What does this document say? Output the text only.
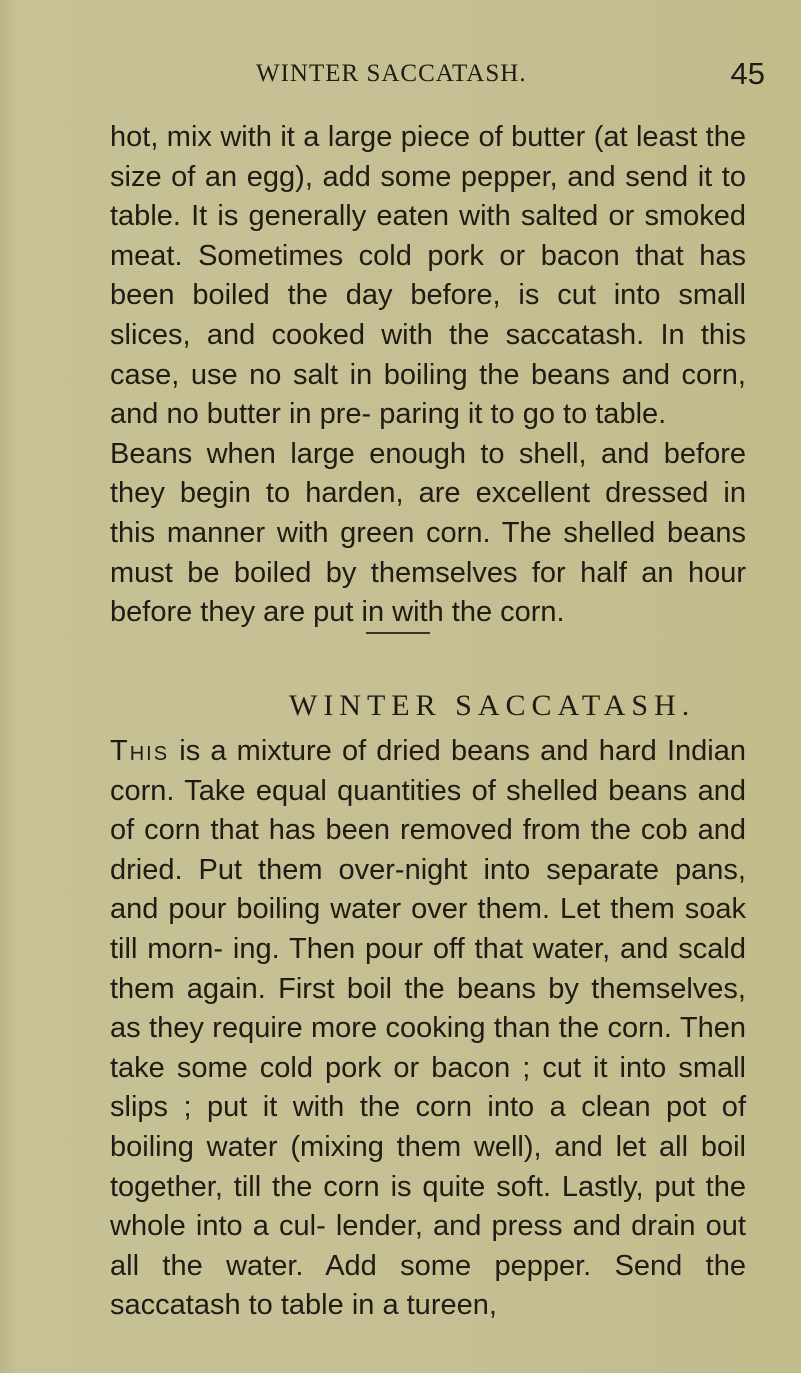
WINTER SACCATASH.	45

hot, mix with it a large piece of butter (at least the size of an egg), add some pepper, and send it to table. It is generally eaten with salted or smoked meat. Sometimes cold pork or bacon that has been boiled the day before, is cut into small slices, and cooked with the saccatash. In this case, use no salt in boiling the beans and corn, and no butter in pre- paring it to go to table.

Beans when large enough to shell, and before they begin to harden, are excellent dressed in this manner with green corn. The shelled beans must be boiled by themselves for half an hour before they are put in with the corn.

WINTER SACCATASH.

This is a mixture of dried beans and hard Indian corn. Take equal quantities of shelled beans and of corn that has been removed from the cob and dried. Put them over-night into separate pans, and pour boiling water over them. Let them soak till morn- ing. Then pour off that water, and scald them again. First boil the beans by themselves, as they require more cooking than the corn. Then take some cold pork or bacon ; cut it into small slips ; put it with the corn into a clean pot of boiling water (mixing them well), and let all boil together, till the corn is quite soft. Lastly, put the whole into a cul- lender, and press and drain out all the water. Add some pepper. Send the saccatash to table in a tureen,
